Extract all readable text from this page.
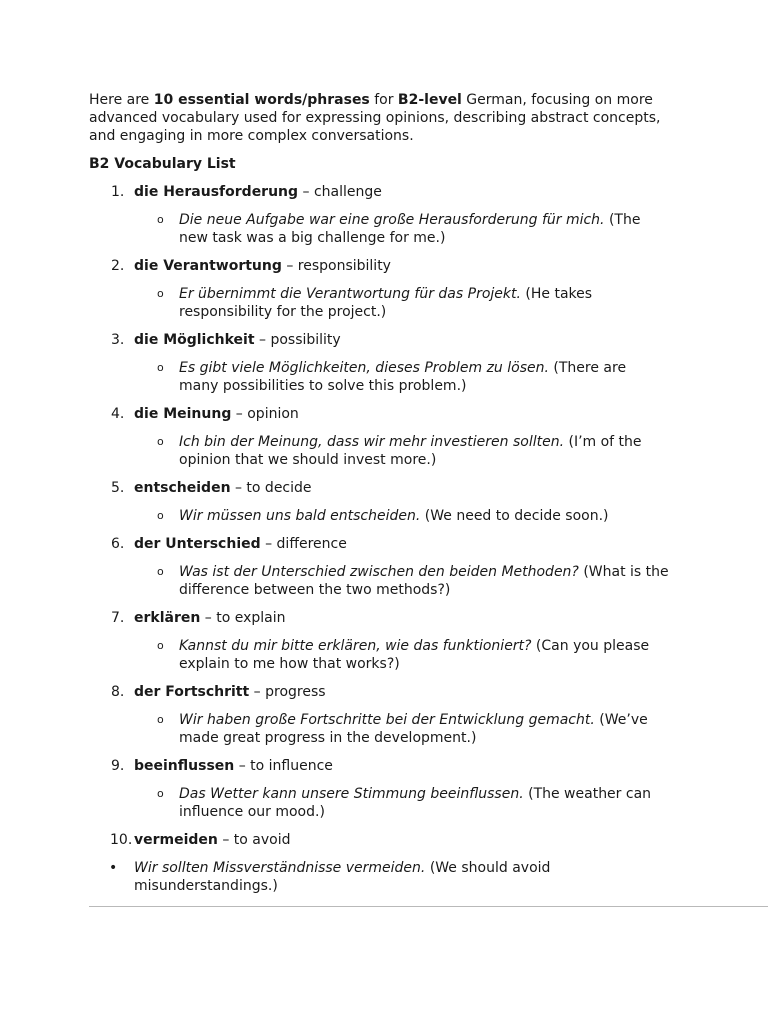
Here are 10 essential words/phrases for B2-level German, focusing on more advanced vocabulary used for expressing opinions, describing abstract concepts, and engaging in more complex conversations.

B2 Vocabulary List

1. die Herausforderung – challenge
o Die neue Aufgabe war eine große Herausforderung für mich. (The new task was a big challenge for me.)
2. die Verantwortung – responsibility
o Er übernimmt die Verantwortung für das Projekt. (He takes responsibility for the project.)
3. die Möglichkeit – possibility
o Es gibt viele Möglichkeiten, dieses Problem zu lösen. (There are many possibilities to solve this problem.)
4. die Meinung – opinion
o Ich bin der Meinung, dass wir mehr investieren sollten. (I’m of the opinion that we should invest more.)
5. entscheiden – to decide
o Wir müssen uns bald entscheiden. (We need to decide soon.)
6. der Unterschied – difference
o Was ist der Unterschied zwischen den beiden Methoden? (What is the difference between the two methods?)
7. erklären – to explain
o Kannst du mir bitte erklären, wie das funktioniert? (Can you please explain to me how that works?)
8. der Fortschritt – progress
o Wir haben große Fortschritte bei der Entwicklung gemacht. (We’ve made great progress in the development.)
9. beeinflussen – to influence
o Das Wetter kann unsere Stimmung beeinflussen. (The weather can influence our mood.)
10. vermeiden – to avoid
• Wir sollten Missverständnisse vermeiden. (We should avoid misunderstandings.)
